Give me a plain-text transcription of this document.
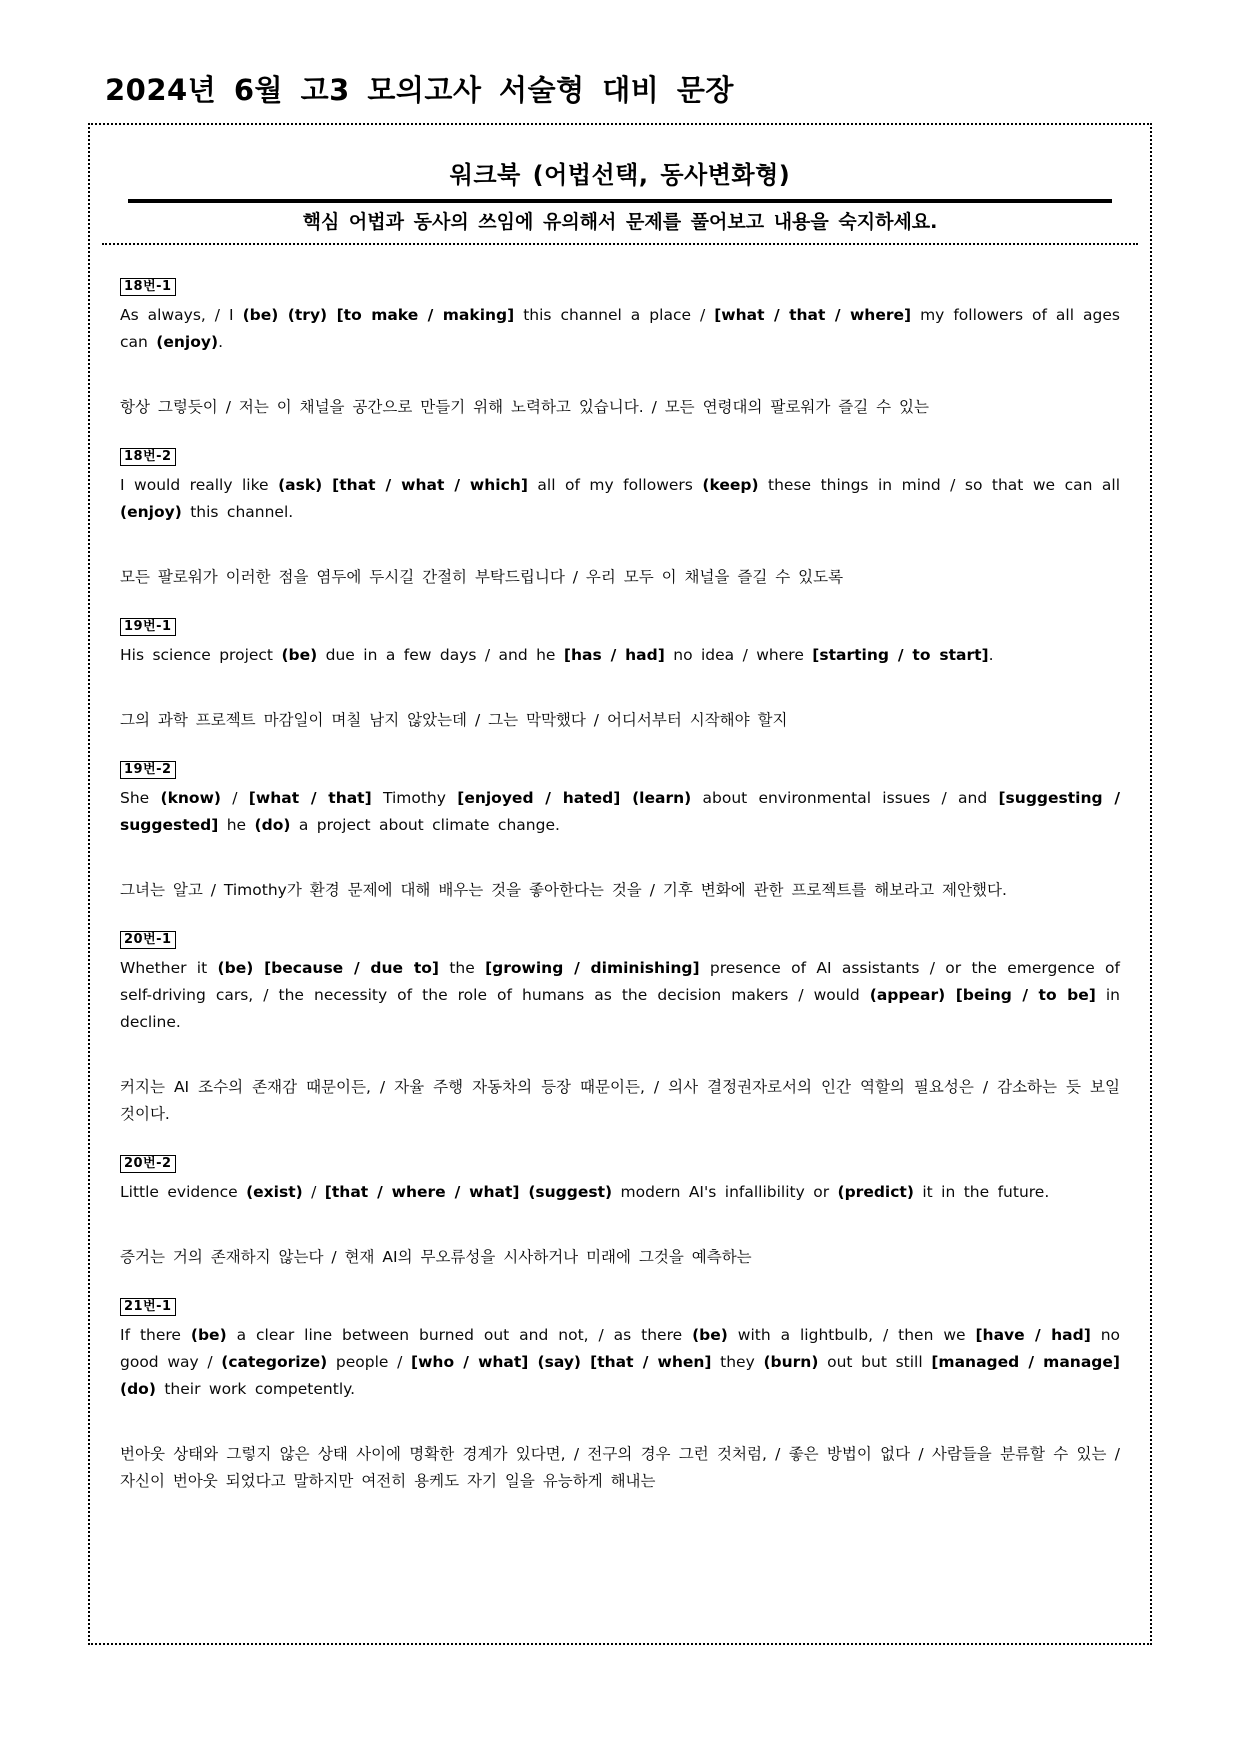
2024년 6월 고3 모의고사 서술형 대비 문장
워크북 (어법선택, 동사변화형)
핵심 어법과 동사의 쓰임에 유의해서 문제를 풀어보고 내용을 숙지하세요.
18번-1

As always, / I (be) (try) [to make / making] this channel a place / [what / that / where] my followers of all ages can (enjoy).

항상 그렇듯이 / 저는 이 채널을 공간으로 만들기 위해 노력하고 있습니다. / 모든 연령대의 팔로워가 즐길 수 있는

18번-2

I would really like (ask) [that / what / which] all of my followers (keep) these things in mind / so that we can all (enjoy) this channel.

모든 팔로워가 이러한 점을 염두에 두시길 간절히 부탁드립니다 / 우리 모두 이 채널을 즐길 수 있도록

19번-1

His science project (be) due in a few days / and he [has / had] no idea / where [starting / to start].

그의 과학 프로젝트 마감일이 며칠 남지 않았는데 / 그는 막막했다 / 어디서부터 시작해야 할지

19번-2

She (know) / [what / that] Timothy [enjoyed / hated] (learn) about environmental issues / and [suggesting / suggested] he (do) a project about climate change.

그녀는 알고 / Timothy가 환경 문제에 대해 배우는 것을 좋아한다는 것을 / 기후 변화에 관한 프로젝트를 해보라고 제안했다.

20번-1

Whether it (be) [because / due to] the [growing / diminishing] presence of AI assistants / or the emergence of self-driving cars, / the necessity of the role of humans as the decision makers / would (appear) [being / to be] in decline.

커지는 AI 조수의 존재감 때문이든, / 자율 주행 자동차의 등장 때문이든, / 의사 결정권자로서의 인간 역할의 필요성은 / 감소하는 듯 보일 것이다.

20번-2

Little evidence (exist) / [that / where / what] (suggest) modern AI's infallibility or (predict) it in the future.

증거는 거의 존재하지 않는다 / 현재 AI의 무오류성을 시사하거나 미래에 그것을 예측하는

21번-1

If there (be) a clear line between burned out and not, / as there (be) with a lightbulb, / then we [have / had] no good way / (categorize) people / [who / what] (say) [that / when] they (burn) out but still [managed / manage] (do) their work competently.

번아웃 상태와 그렇지 않은 상태 사이에 명확한 경계가 있다면, / 전구의 경우 그런 것처럼, / 좋은 방법이 없다 / 사람들을 분류할 수 있는 / 자신이 번아웃 되었다고 말하지만 여전히 용케도 자기 일을 유능하게 해내는
